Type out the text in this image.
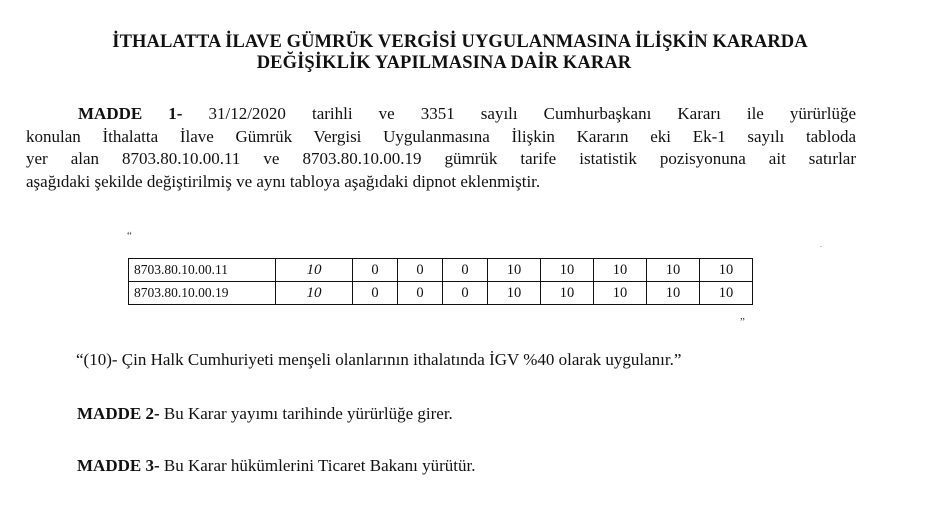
İTHALATTA İLAVE GÜMRÜK VERGİSİ UYGULANMASINA İLİŞKİN KARARDA
DEĞİŞİKLİK YAPILMASINA DAİR KARAR
MADDE 1- 31/12/2020 tarihli ve 3351 sayılı Cumhurbaşkanı Kararı ile yürürlüğe
konulan İthalatta İlave Gümrük Vergisi Uygulanmasına İlişkin Kararın eki Ek-1 sayılı tabloda
yer alan 8703.80.10.00.11 ve 8703.80.10.00.19 gümrük tarife istatistik pozisyonuna ait satırlar
aşağıdaki şekilde değiştirilmiş ve aynı tabloya aşağıdaki dipnot eklenmiştir.
“
.
8703.80.10.00.11	10	0	0	0	10	10	10	10	10
8703.80.10.00.19	10	0	0	0	10	10	10	10	10
”
“(10)- Çin Halk Cumhuriyeti menşeli olanlarının ithalatında İGV %40 olarak uygulanır.”
MADDE 2- Bu Karar yayımı tarihinde yürürlüğe girer.
MADDE 3- Bu Karar hükümlerini Ticaret Bakanı yürütür.
